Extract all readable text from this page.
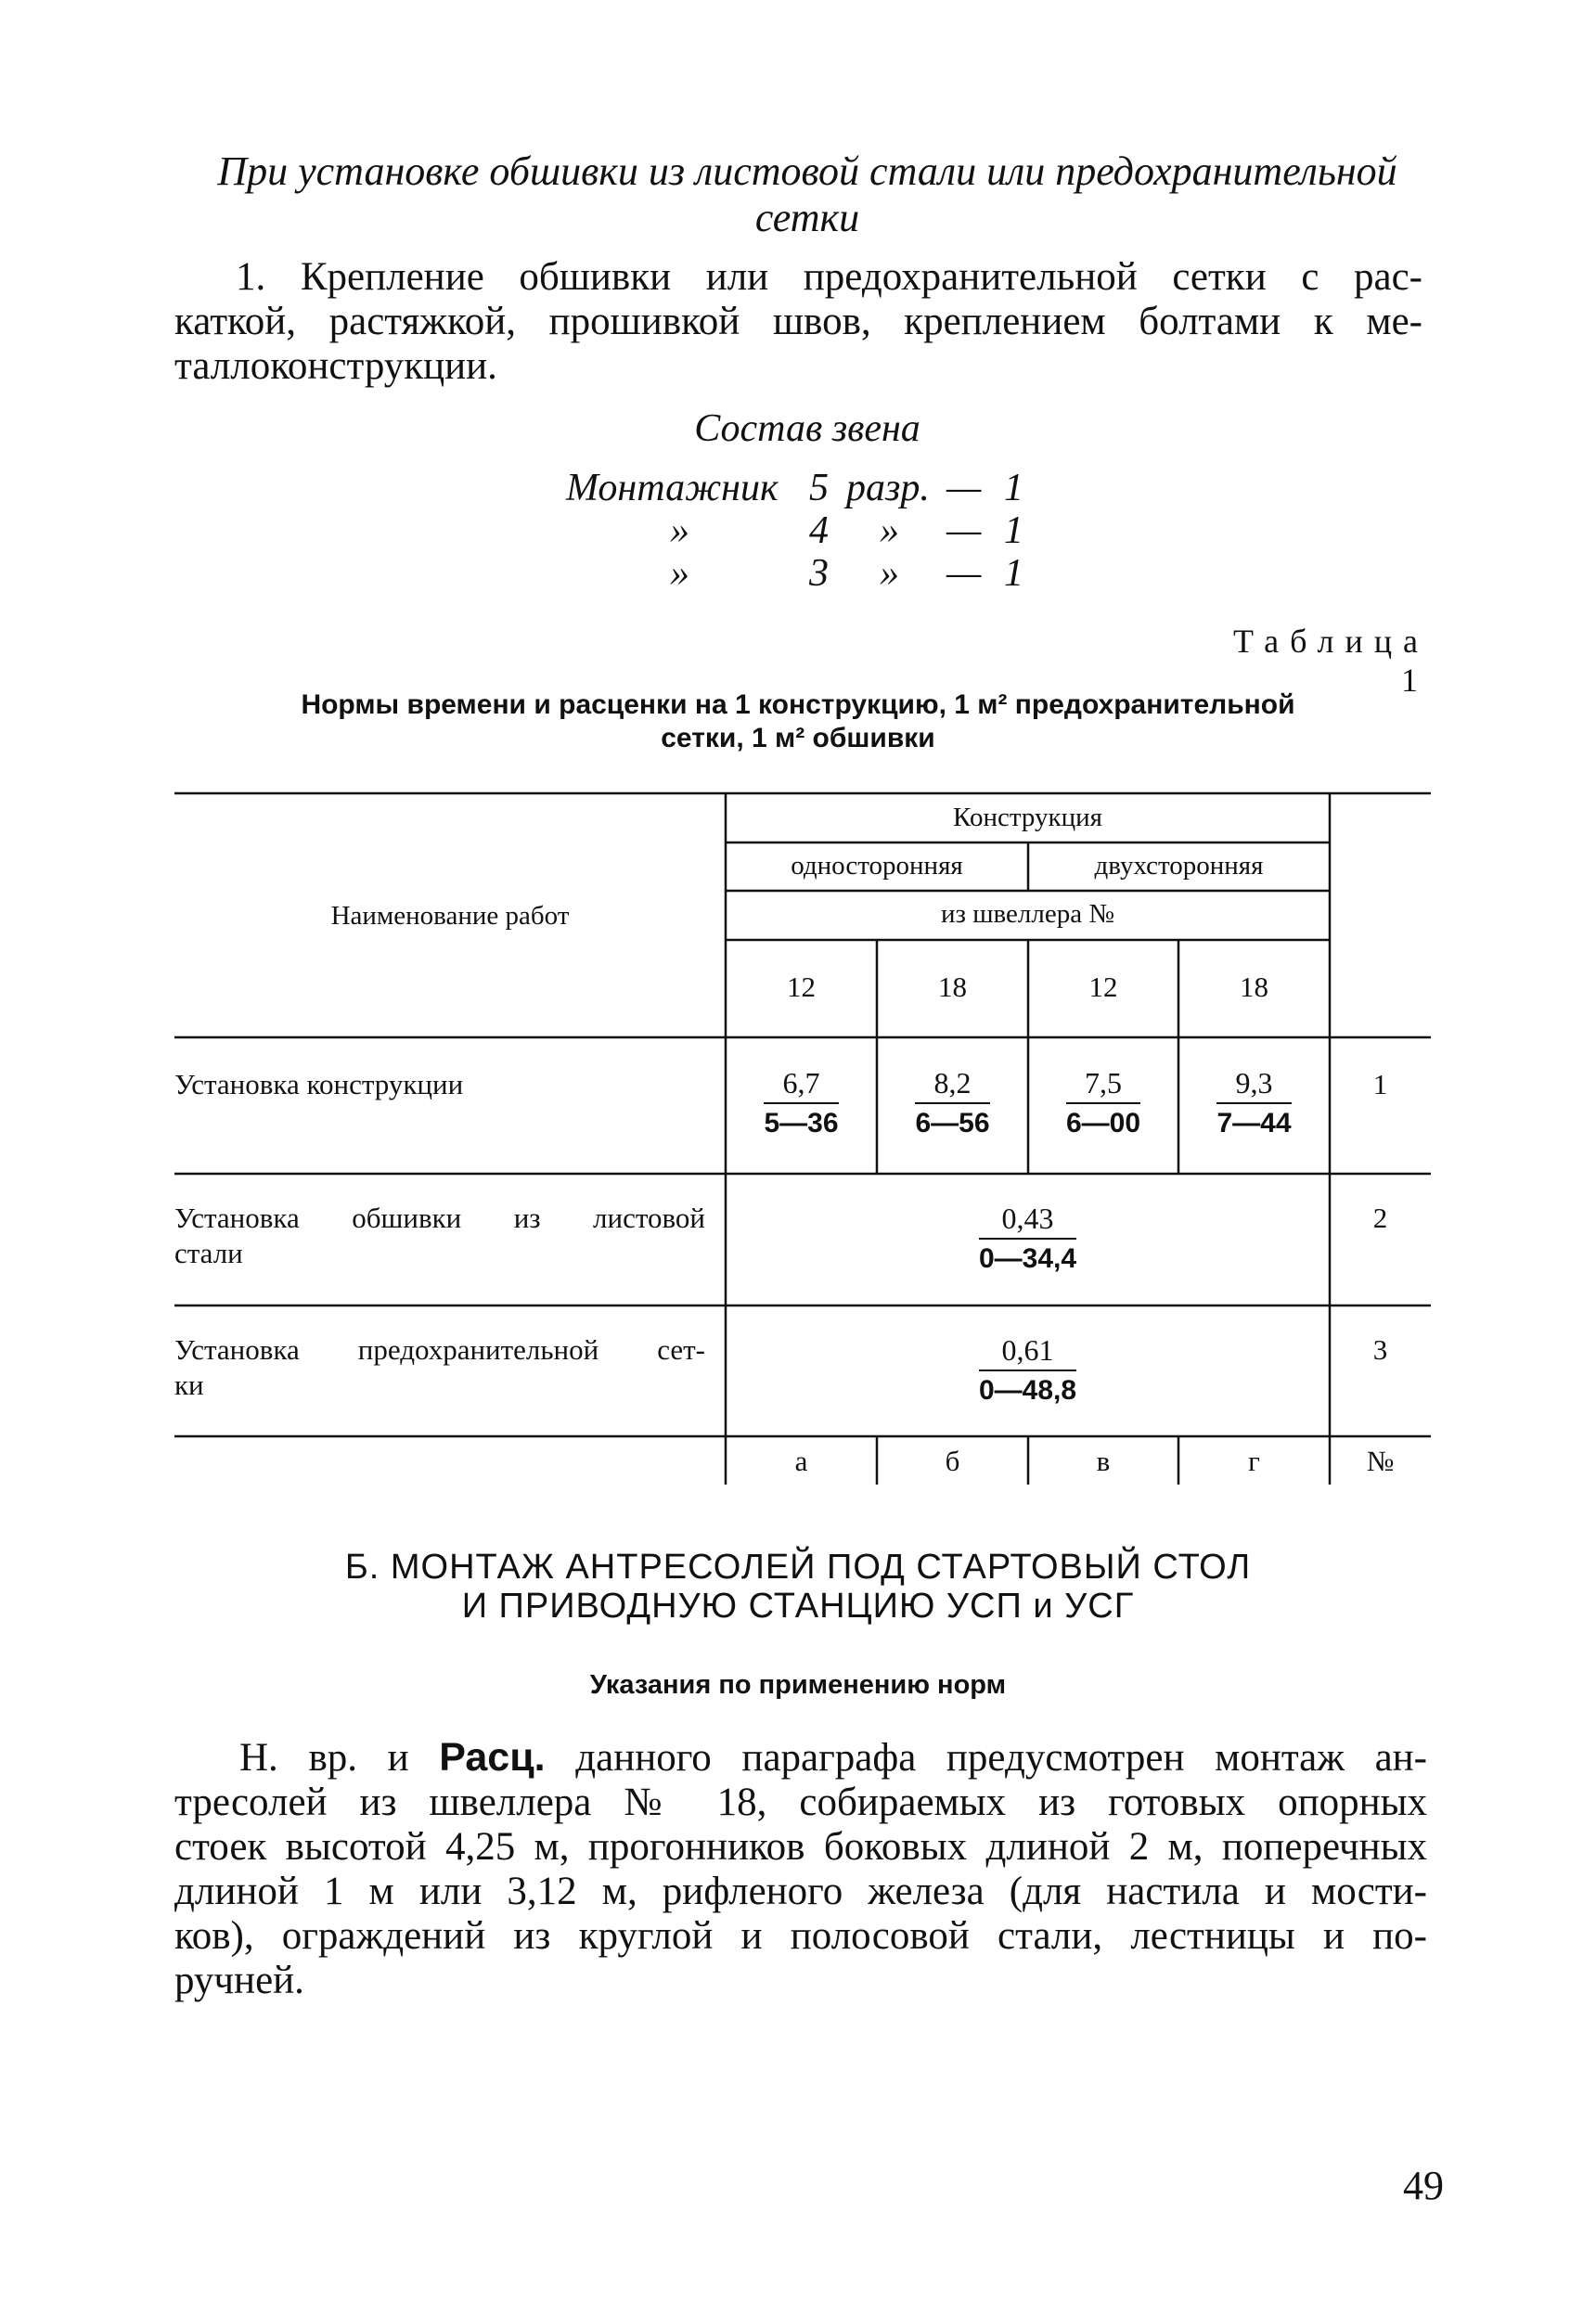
При установке обшивки из листовой стали или предохранительной
сетки
1. Крепление обшивки или предохранительной сетки с рас-
каткой, растяжкой, прошивкой швов, креплением болтами к ме-
таллоконструкции.
Состав звена
Монтажник 5 разр. — 1
»	4 » — 1
»	3 » — 1
Таблица 1
Нормы времени и расценки на 1 конструкцию, 1 м² предохранительной
сетки, 1 м² обшивки
Наименование работ
Конструкция
односторонняя	двухсторонняя
из швеллера №
12	18	12	18
Установка конструкции	$\frac{6,7}{5—36}$	$\frac{8,2}{6—56}$	$\frac{7,5}{6—00}$	$\frac{9,3}{7—44}$	1
Установка обшивки из листовой
стали	$\frac{0,43}{0—34,4}$	2
Установка предохранительной сет-
ки	$\frac{0,61}{0—48,8}$	3
а	б	в	г	№
Б. МОНТАЖ АНТРЕСОЛЕЙ ПОД СТАРТОВЫЙ СТОЛ
И ПРИВОДНУЮ СТАНЦИЮ УСП и УСГ
Указания по применению норм
Н. вр. и Расц. данного параграфа предусмотрен монтаж ан-
тресолей из швеллера № 18, собираемых из готовых опорных
стоек высотой 4,25 м, прогонников боковых длиной 2 м, поперечных
длиной 1 м или 3,12 м, рифленого железа (для настила и мости-
ков), ограждений из круглой и полосовой стали, лестницы и по-
ручней.
49
